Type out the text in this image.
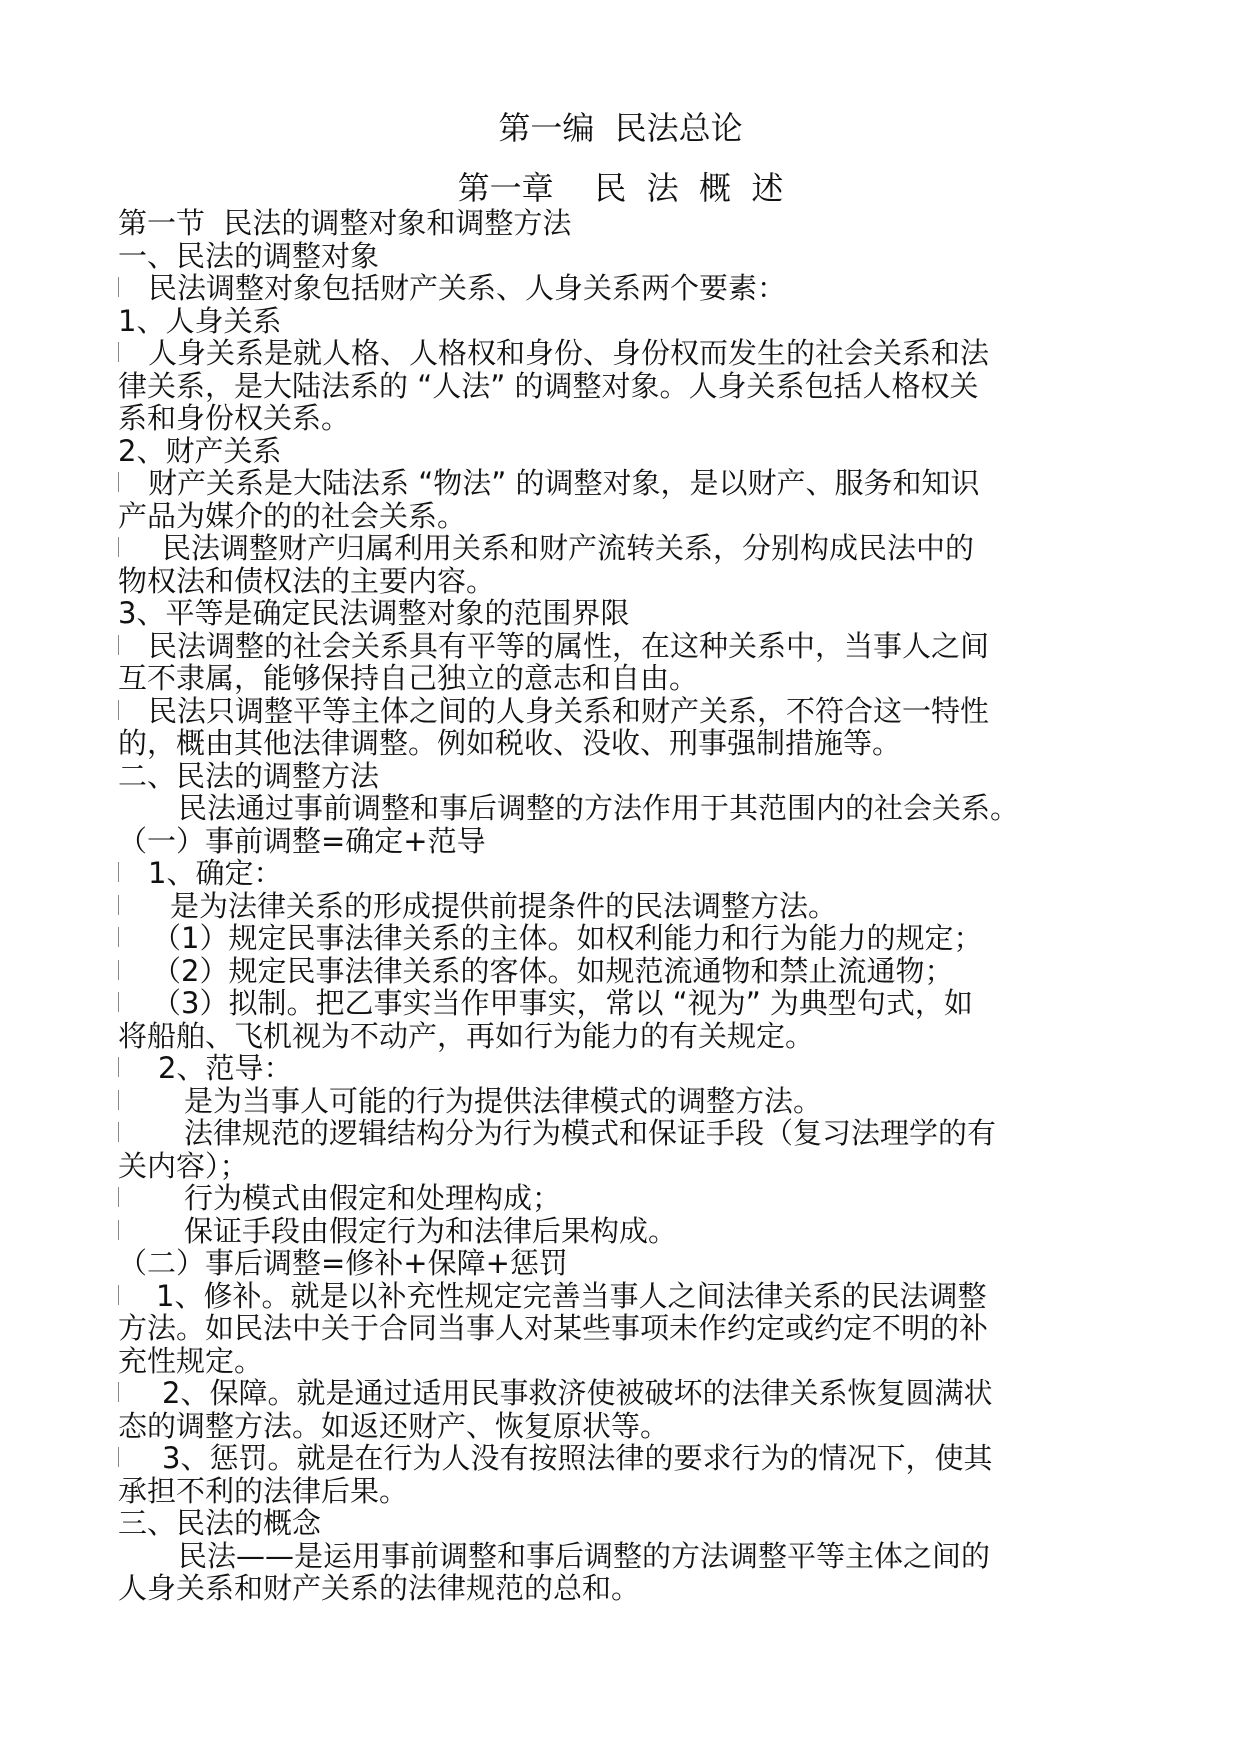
第一编  民法总论
第一章    民  法  概  述
第一节  民法的调整对象和调整方法
一、民法的调整对象
民法调整对象包括财产关系、人身关系两个要素：
1、人身关系
人身关系是就人格、人格权和身份、身份权而发生的社会关系和法
律关系，是大陆法系的 “人法” 的调整对象。人身关系包括人格权关
系和身份权关系。
2、财产关系
财产关系是大陆法系 “物法” 的调整对象，是以财产、服务和知识
产品为媒介的的社会关系。
民法调整财产归属利用关系和财产流转关系，分别构成民法中的
物权法和债权法的主要内容。
3、平等是确定民法调整对象的范围界限
民法调整的社会关系具有平等的属性，在这种关系中，当事人之间
互不隶属，能够保持自己独立的意志和自由。
民法只调整平等主体之间的人身关系和财产关系，不符合这一特性
的，概由其他法律调整。例如税收、没收、刑事强制措施等。
二、民法的调整方法
民法通过事前调整和事后调整的方法作用于其范围内的社会关系。
（一）事前调整=确定+范导
1、确定：
是为法律关系的形成提供前提条件的民法调整方法。
（1）规定民事法律关系的主体。如权利能力和行为能力的规定；
（2）规定民事法律关系的客体。如规范流通物和禁止流通物；
（3）拟制。把乙事实当作甲事实，常以 “视为” 为典型句式，如
将船舶、飞机视为不动产，再如行为能力的有关规定。
2、范导：
是为当事人可能的行为提供法律模式的调整方法。
法律规范的逻辑结构分为行为模式和保证手段（复习法理学的有
关内容）；
行为模式由假定和处理构成；
保证手段由假定行为和法律后果构成。
（二）事后调整=修补+保障+惩罚
1、修补。就是以补充性规定完善当事人之间法律关系的民法调整
方法。如民法中关于合同当事人对某些事项未作约定或约定不明的补
充性规定。
2、保障。就是通过适用民事救济使被破坏的法律关系恢复圆满状
态的调整方法。如返还财产、恢复原状等。
3、惩罚。就是在行为人没有按照法律的要求行为的情况下，使其
承担不利的法律后果。
三、民法的概念
民法——是运用事前调整和事后调整的方法调整平等主体之间的
人身关系和财产关系的法律规范的总和。
